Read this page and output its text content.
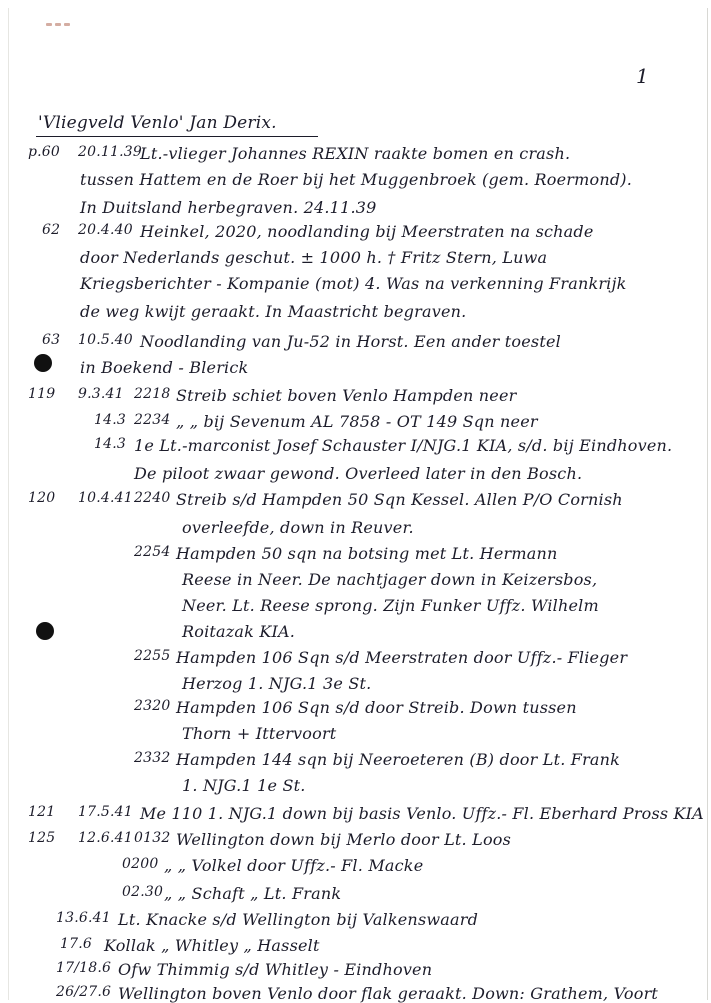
1
'Vliegveld Venlo' Jan Derix.
p.60 20.11.39
Lt.-vlieger Johannes REXIN raakte bomen en crash.
tussen Hattem en de Roer bij het Muggenbroek (gem. Roermond).
In Duitsland herbegraven. 24.11.39
62 20.4.40 Heinkel, 2020, noodlanding bij Meerstraten na schade
door Nederlands geschut. ± 1000 h. † Fritz Stern, Luwa
Kriegsberichter - Kompanie (mot) 4. Was na verkenning Frankrijk
de weg kwijt geraakt. In Maastricht begraven.
63 10.5.40 Noodlanding van Ju-52 in Horst. Een ander toestel
in Boekend - Blerick
119 9.3.41 2218 Streib schiet boven Venlo Hampden neer
14.3 2234 „ „ bij Sevenum AL 7858 - OT 149 Sqn neer
14.3 1e Lt.-marconist Josef Schauster I/NJG.1 KIA, s/d. bij Eindhoven.
De piloot zwaar gewond. Overleed later in den Bosch.
120 10.4.41 2240 Streib s/d Hampden 50 Sqn Kessel. Allen P/O Cornish
overleefde, down in Reuver.
2254 Hampden 50 sqn na botsing met Lt. Hermann
Reese in Neer. De nachtjager down in Keizersbos,
Neer. Lt. Reese sprong. Zijn Funker Uffz. Wilhelm
Roitazak KIA.
2255 Hampden 106 Sqn s/d Meerstraten door Uffz.- Flieger
Herzog 1. NJG.1 3e St.
2320 Hampden 106 Sqn s/d door Streib. Down tussen
Thorn + Ittervoort
2332 Hampden 144 sqn bij Neeroeteren (B) door Lt. Frank
1. NJG.1 1e St.
121 17.5.41 Me 110 1. NJG.1 down bij basis Venlo. Uffz.- Fl. Eberhard Pross KIA
125 12.6.41 0132 Wellington down bij Merlo door Lt. Loos
0200 „ „ Volkel door Uffz.- Fl. Macke
02.30 „ „ Schaft „ Lt. Frank
13.6.41 Lt. Knacke s/d Wellington bij Valkenswaard
17.6 Kollak „ Whitley „ Hasselt
17/18.6 Ofw Thimmig s/d Whitley - Eindhoven
26/27.6 Wellington boven Venlo door flak geraakt. Down: Grathem, Voort
